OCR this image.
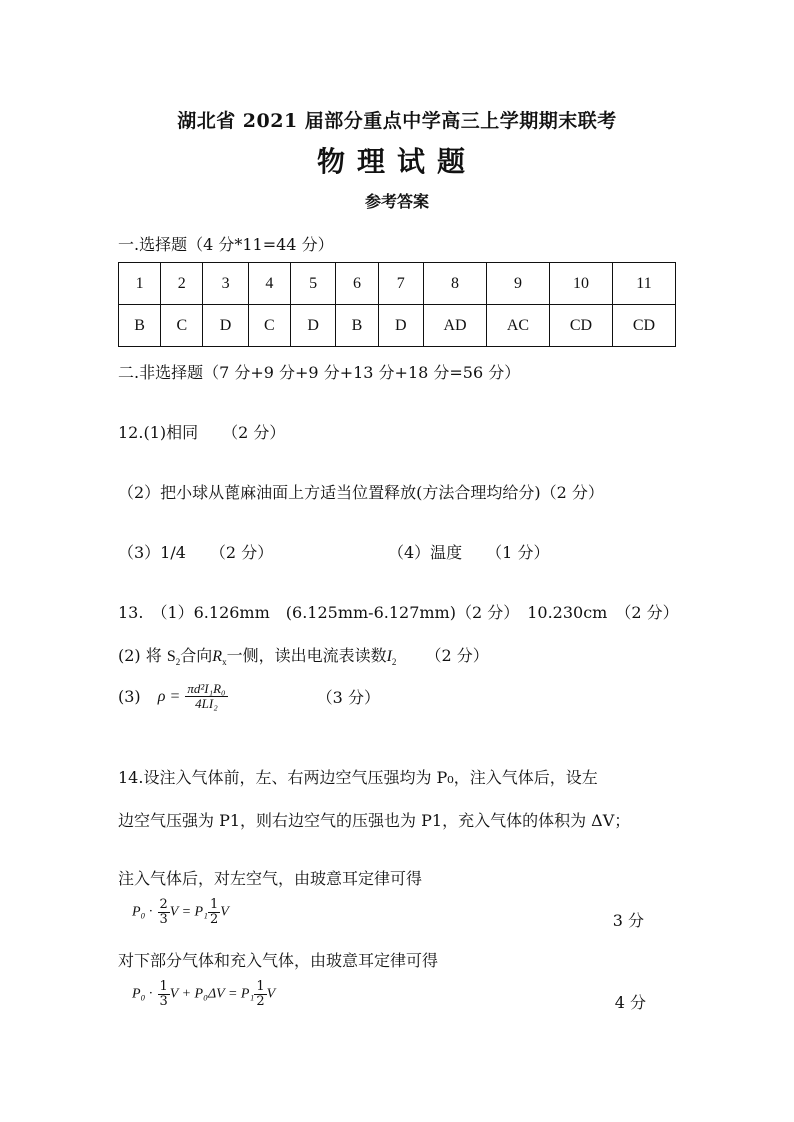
湖北省 2021 届部分重点中学高三上学期期末联考
物理试题
参考答案
一.选择题（4 分*11=44 分）
1	2	3	4	5	6	7	8	9	10	11
B	C	D	C	D	B	D	AD	AC	CD	CD
二.非选择题（7 分+9 分+9 分+13 分+18 分=56 分）
12.(1)相同　　（2 分）
（2）把小球从蓖麻油面上方适当位置释放(方法合理均给分)（2 分）
（3）1/4　　（2 分）	（4）温度　　（1 分）
13.　（1）6.126mm　(6.125mm-6.127mm)（2 分）　10.230cm　（2 分）
(2) 将 $S_2$合向$R_x$一侧，读出电流表读数$I_2$ （2 分）
(3) $\rho = \frac{\text{πd²I₁R₀}}{\text{4LI₂}}$	（3 分）
14.设注入气体前，左、右两边空气压强均为 P₀，注入气体后，设左
边空气压强为 P1，则右边空气的压强也为 P1，充入气体的体积为 ΔV；
注入气体后，对左空气，由玻意耳定律可得
$P_0 \cdot \frac{2}{3}$ $V = P_1 \frac{1}{2}$ V	3 分
对下部分气体和充入气体，由玻意耳定律可得
$P_0 \cdot \frac{1}{3}$ $V + P_0\Delta V = P_1 \frac{1}{2}$ V	4 分
